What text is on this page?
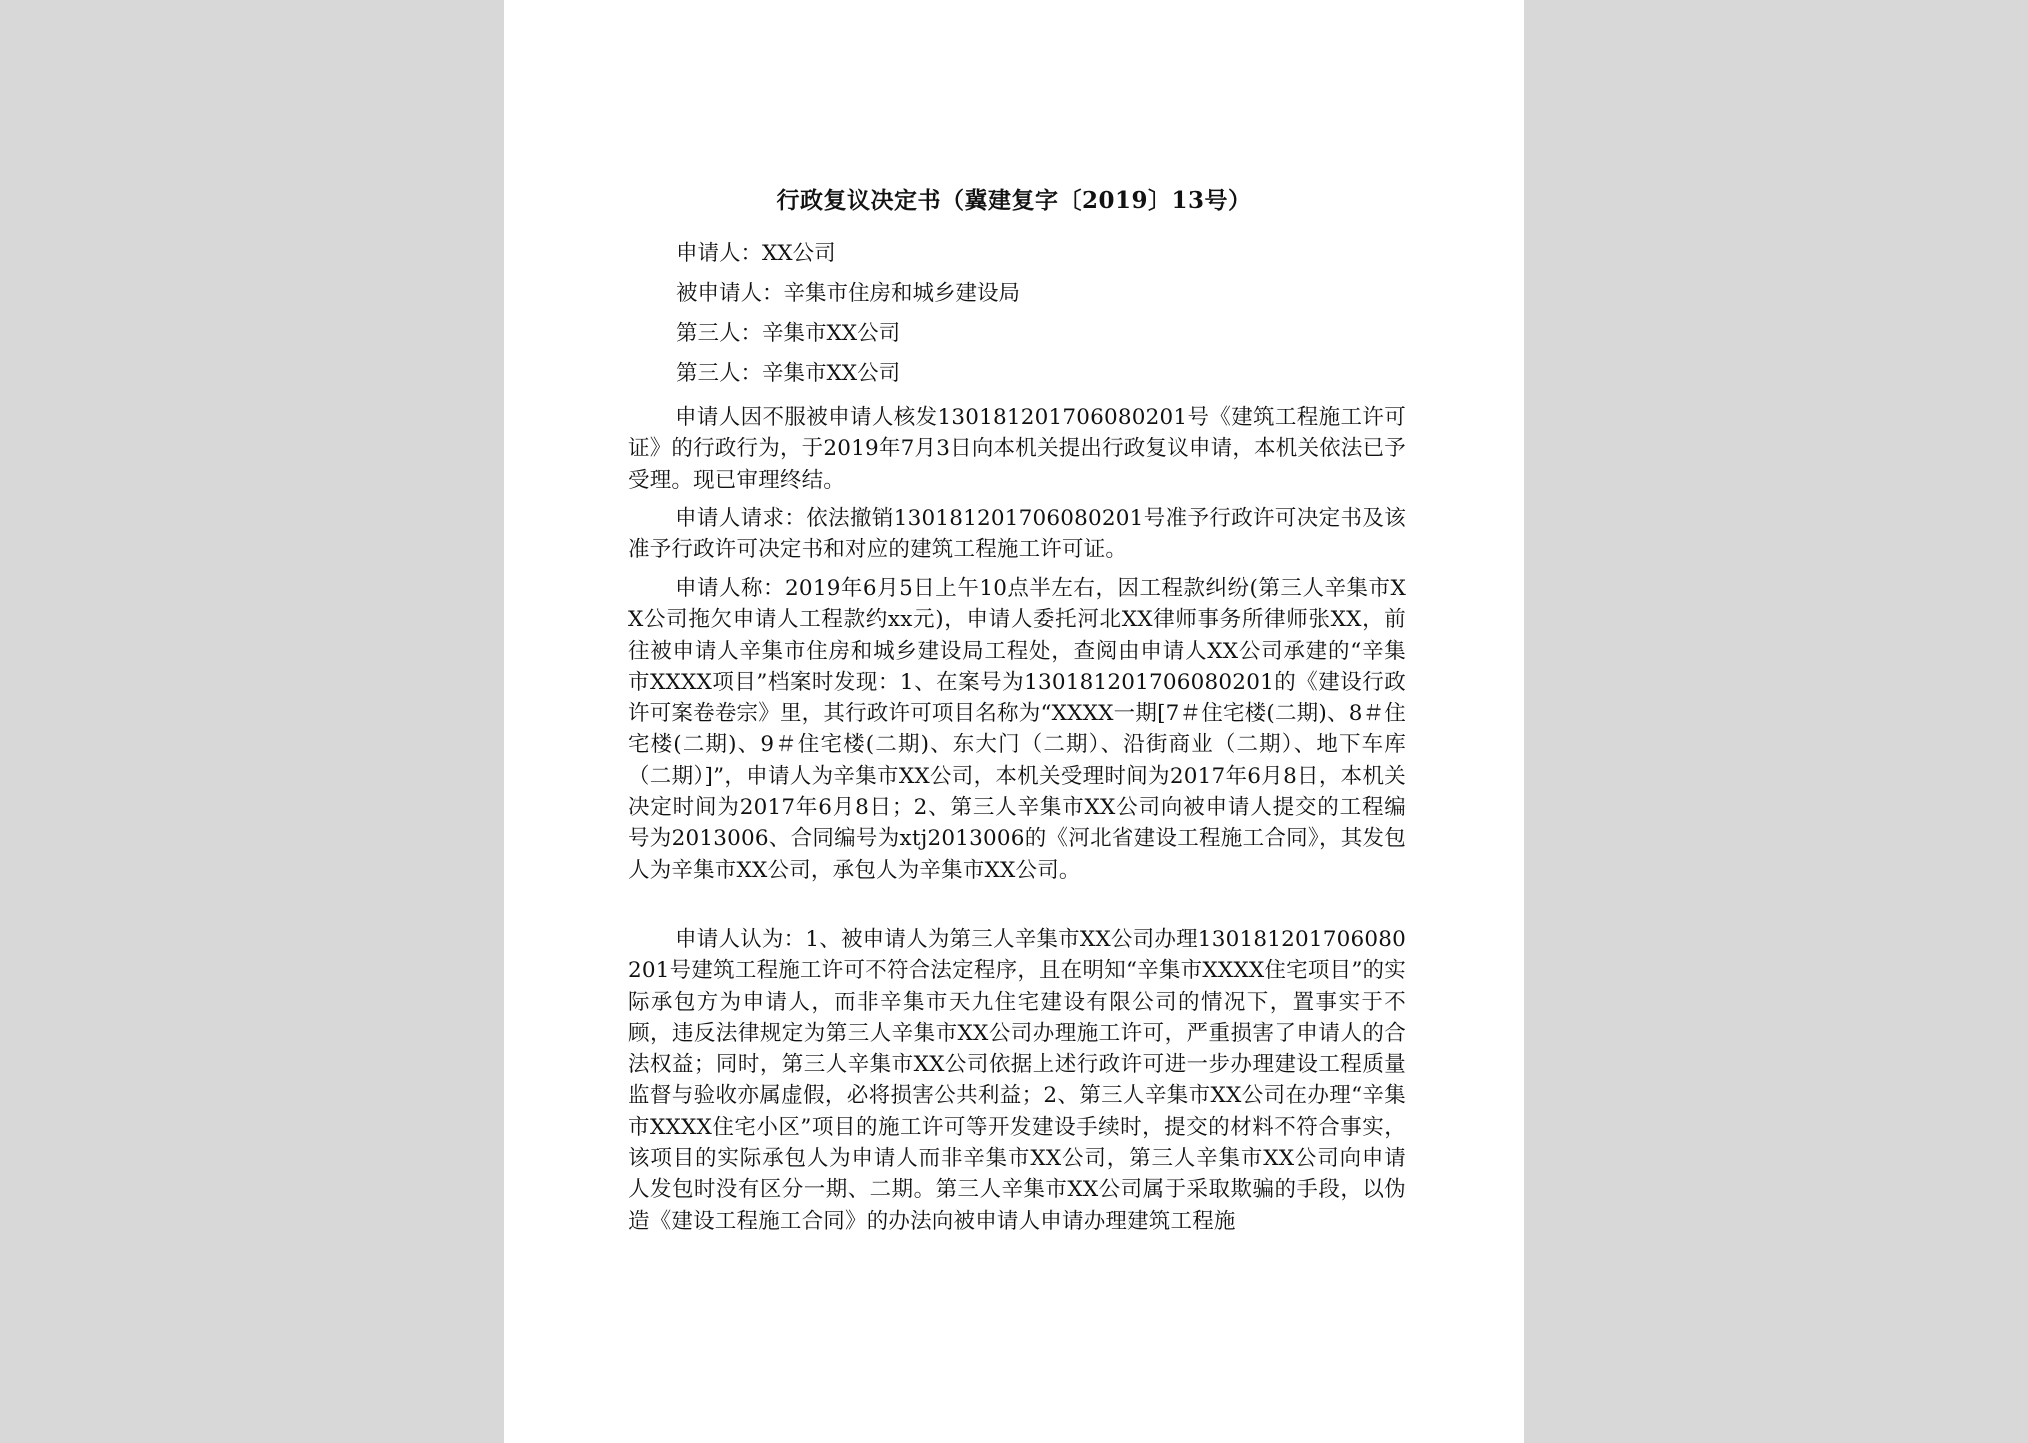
行政复议决定书（冀建复字〔2019〕13号）
申请人：XX公司
被申请人：辛集市住房和城乡建设局
第三人：辛集市XX公司
第三人：辛集市XX公司
申请人因不服被申请人核发130181201706080201号《建筑工程施工许可证》的行政行为，于2019年7月3日向本机关提出行政复议申请，本机关依法已予受理。现已审理终结。
申请人请求：依法撤销130181201706080201号准予行政许可决定书及该准予行政许可决定书和对应的建筑工程施工许可证。
申请人称：2019年6月5日上午10点半左右，因工程款纠纷(第三人辛集市XX公司拖欠申请人工程款约xx元)，申请人委托河北XX律师事务所律师张XX，前往被申请人辛集市住房和城乡建设局工程处，查阅由申请人XX公司承建的“辛集市XXXX项目”档案时发现：1、在案号为130181201706080201的《建设行政许可案卷卷宗》里，其行政许可项目名称为“XXXX一期[7＃住宅楼(二期)、8＃住宅楼(二期)、9＃住宅楼(二期)、东大门（二期）、沿街商业（二期）、地下车库（二期）]”，申请人为辛集市XX公司，本机关受理时间为2017年6月8日，本机关决定时间为2017年6月8日；2、第三人辛集市XX公司向被申请人提交的工程编号为2013006、合同编号为xtj2013006的《河北省建设工程施工合同》，其发包人为辛集市XX公司，承包人为辛集市XX公司。
申请人认为：1、被申请人为第三人辛集市XX公司办理130181201706080201号建筑工程施工许可不符合法定程序，且在明知“辛集市XXXX住宅项目”的实际承包方为申请人，而非辛集市天九住宅建设有限公司的情况下，置事实于不顾，违反法律规定为第三人辛集市XX公司办理施工许可，严重损害了申请人的合法权益；同时，第三人辛集市XX公司依据上述行政许可进一步办理建设工程质量监督与验收亦属虚假，必将损害公共利益；2、第三人辛集市XX公司在办理“辛集市XXXX住宅小区”项目的施工许可等开发建设手续时，提交的材料不符合事实，该项目的实际承包人为申请人而非辛集市XX公司，第三人辛集市XX公司向申请人发包时没有区分一期、二期。第三人辛集市XX公司属于采取欺骗的手段，以伪造《建设工程施工合同》的办法向被申请人申请办理建筑工程施
